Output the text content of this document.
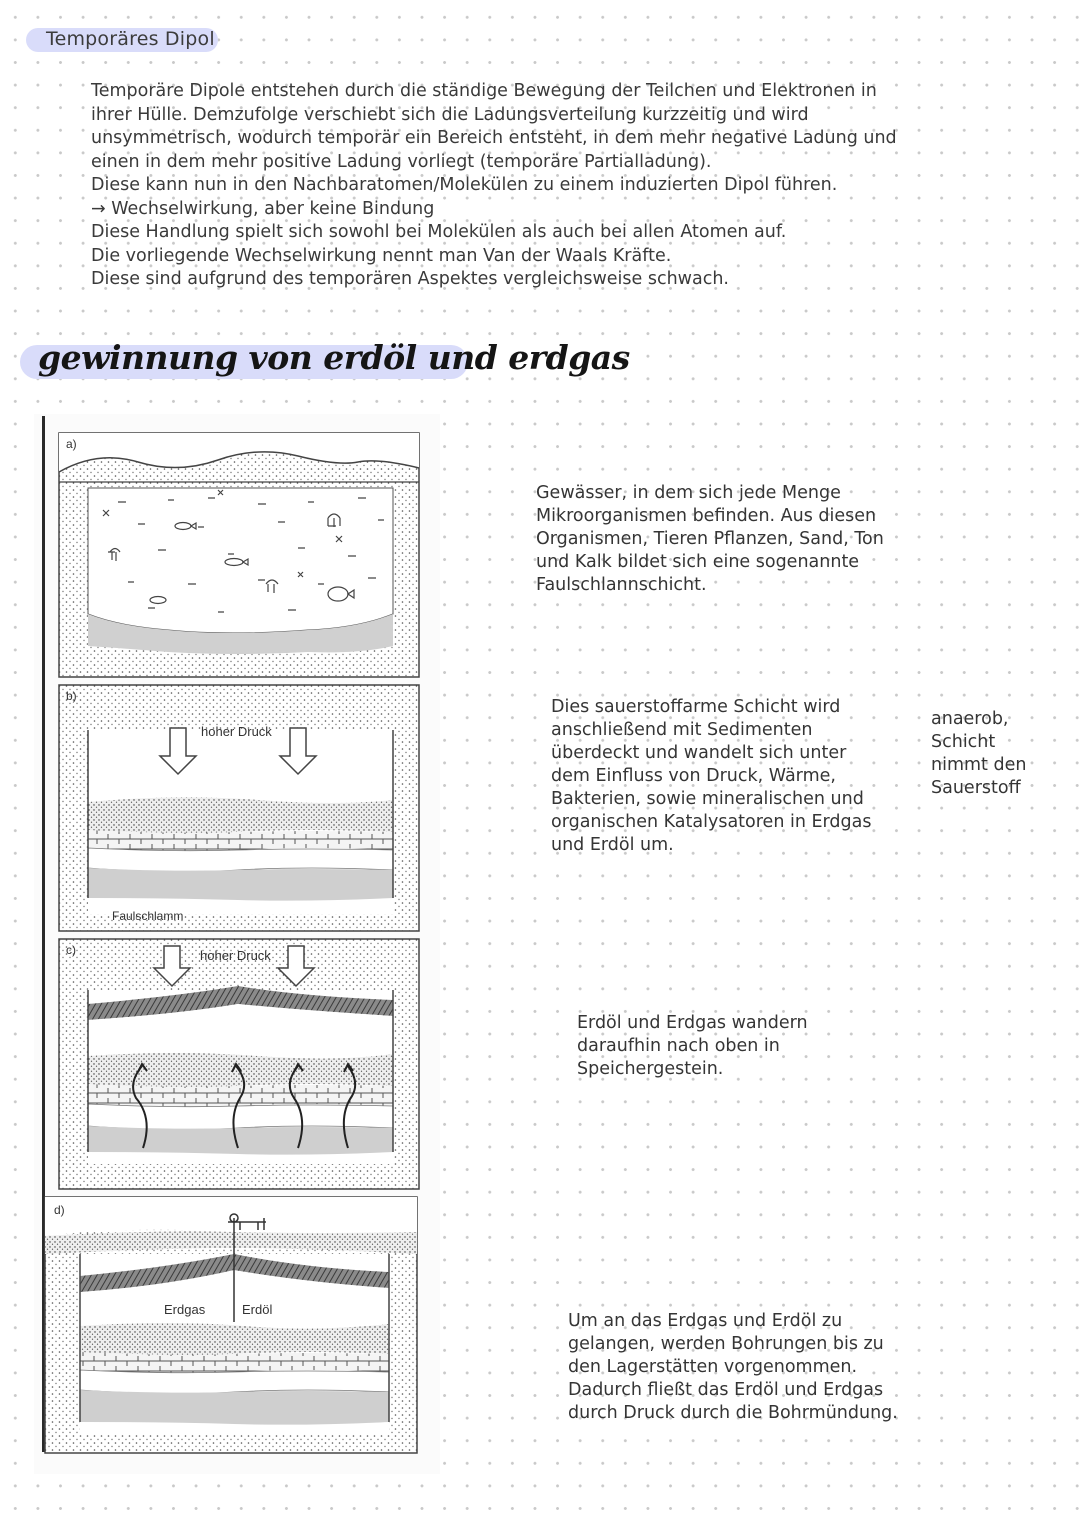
Temporäres Dipol
Temporäre Dipole entstehen durch die ständige Bewegung der Teilchen und Elektronen in
ihrer Hülle. Demzufolge verschiebt sich die Ladungsverteilung kurzzeitig und wird
unsymmetrisch, wodurch temporär ein Bereich entsteht, in dem mehr negative Ladung und
einen in dem mehr positive Ladung vorliegt (temporäre Partialladung).
Diese kann nun in den Nachbaratomen/Molekülen zu einem induzierten Dipol führen.
→ Wechselwirkung, aber keine Bindung
Diese Handlung spielt sich sowohl bei Molekülen als auch bei allen Atomen auf.
Die vorliegende Wechselwirkung nennt man Van der Waals Kräfte.
Diese sind aufgrund des temporären Aspektes vergleichsweise schwach.
gewinnung von erdöl und erdgas
a)
hoher Druck
Faulschlamm
b)
hoher Druck
c)
Erdgas	Erdöl
d)
Gewässer, in dem sich jede Menge
Mikroorganismen befinden. Aus diesen
Organismen, Tieren Pflanzen, Sand, Ton
und Kalk bildet sich eine sogenannte
Faulschlannschicht.
Dies sauerstoffarme Schicht wird
anschließend mit Sedimenten
überdeckt und wandelt sich unter
dem Einfluss von Druck, Wärme,
Bakterien, sowie mineralischen und
organischen Katalysatoren in Erdgas
und Erdöl um.
anaerob,
Schicht
nimmt den
Sauerstoff
Erdöl und Erdgas wandern
daraufhin nach oben in
Speichergestein.
Um an das Erdgas und Erdöl zu
gelangen, werden Bohrungen bis zu
den Lagerstätten vorgenommen.
Dadurch fließt das Erdöl und Erdgas
durch Druck durch die Bohrmündung.
